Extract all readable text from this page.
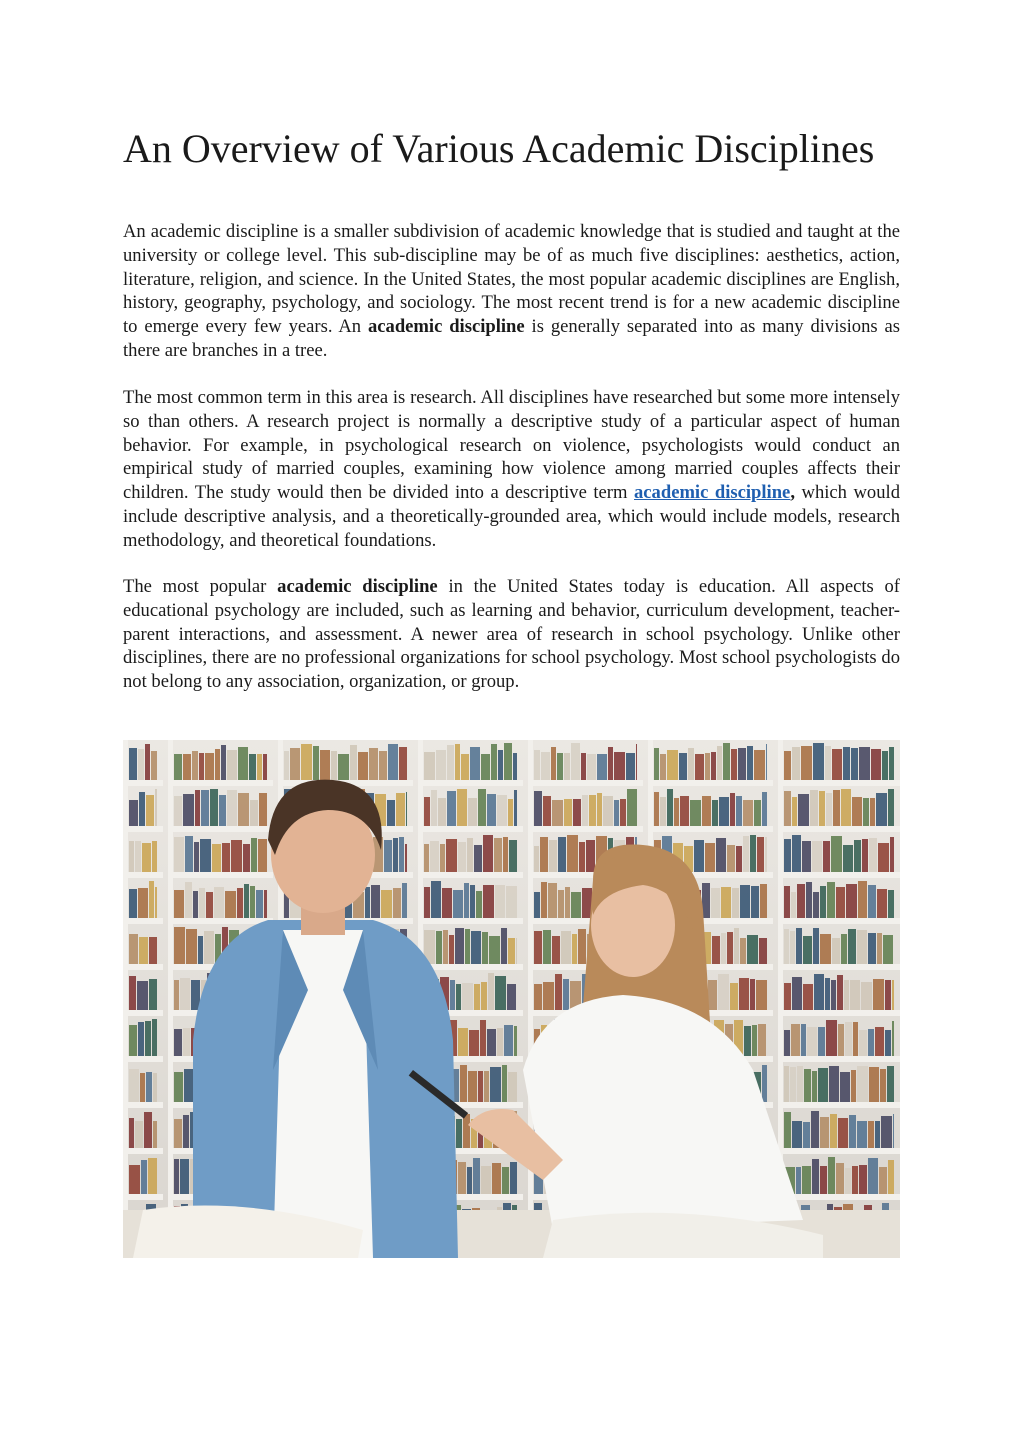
An Overview of Various Academic Disciplines

An academic discipline is a smaller subdivision of academic knowledge that is studied and taught at the university or college level. This sub-discipline may be of as much five disciplines: aesthetics, action, literature, religion, and science. In the United States, the most popular academic disciplines are English, history, geography, psychology, and sociology. The most recent trend is for a new academic discipline to emerge every few years. An academic discipline is generally separated into as many divisions as there are branches in a tree.

The most common term in this area is research. All disciplines have researched but some more intensely so than others. A research project is normally a descriptive study of a particular aspect of human behavior. For example, in psychological research on violence, psychologists would conduct an empirical study of married couples, examining how violence among married couples affects their children. The study would then be divided into a descriptive term academic discipline, which would include descriptive analysis, and a theoretically-grounded area, which would include models, research methodology, and theoretical foundations.

The most popular academic discipline in the United States today is education. All aspects of educational psychology are included, such as learning and behavior, curriculum development, teacher-parent interactions, and assessment. A newer area of research in school psychology. Unlike other disciplines, there are no professional organizations for school psychology. Most school psychologists do not belong to any association, organization, or group.
